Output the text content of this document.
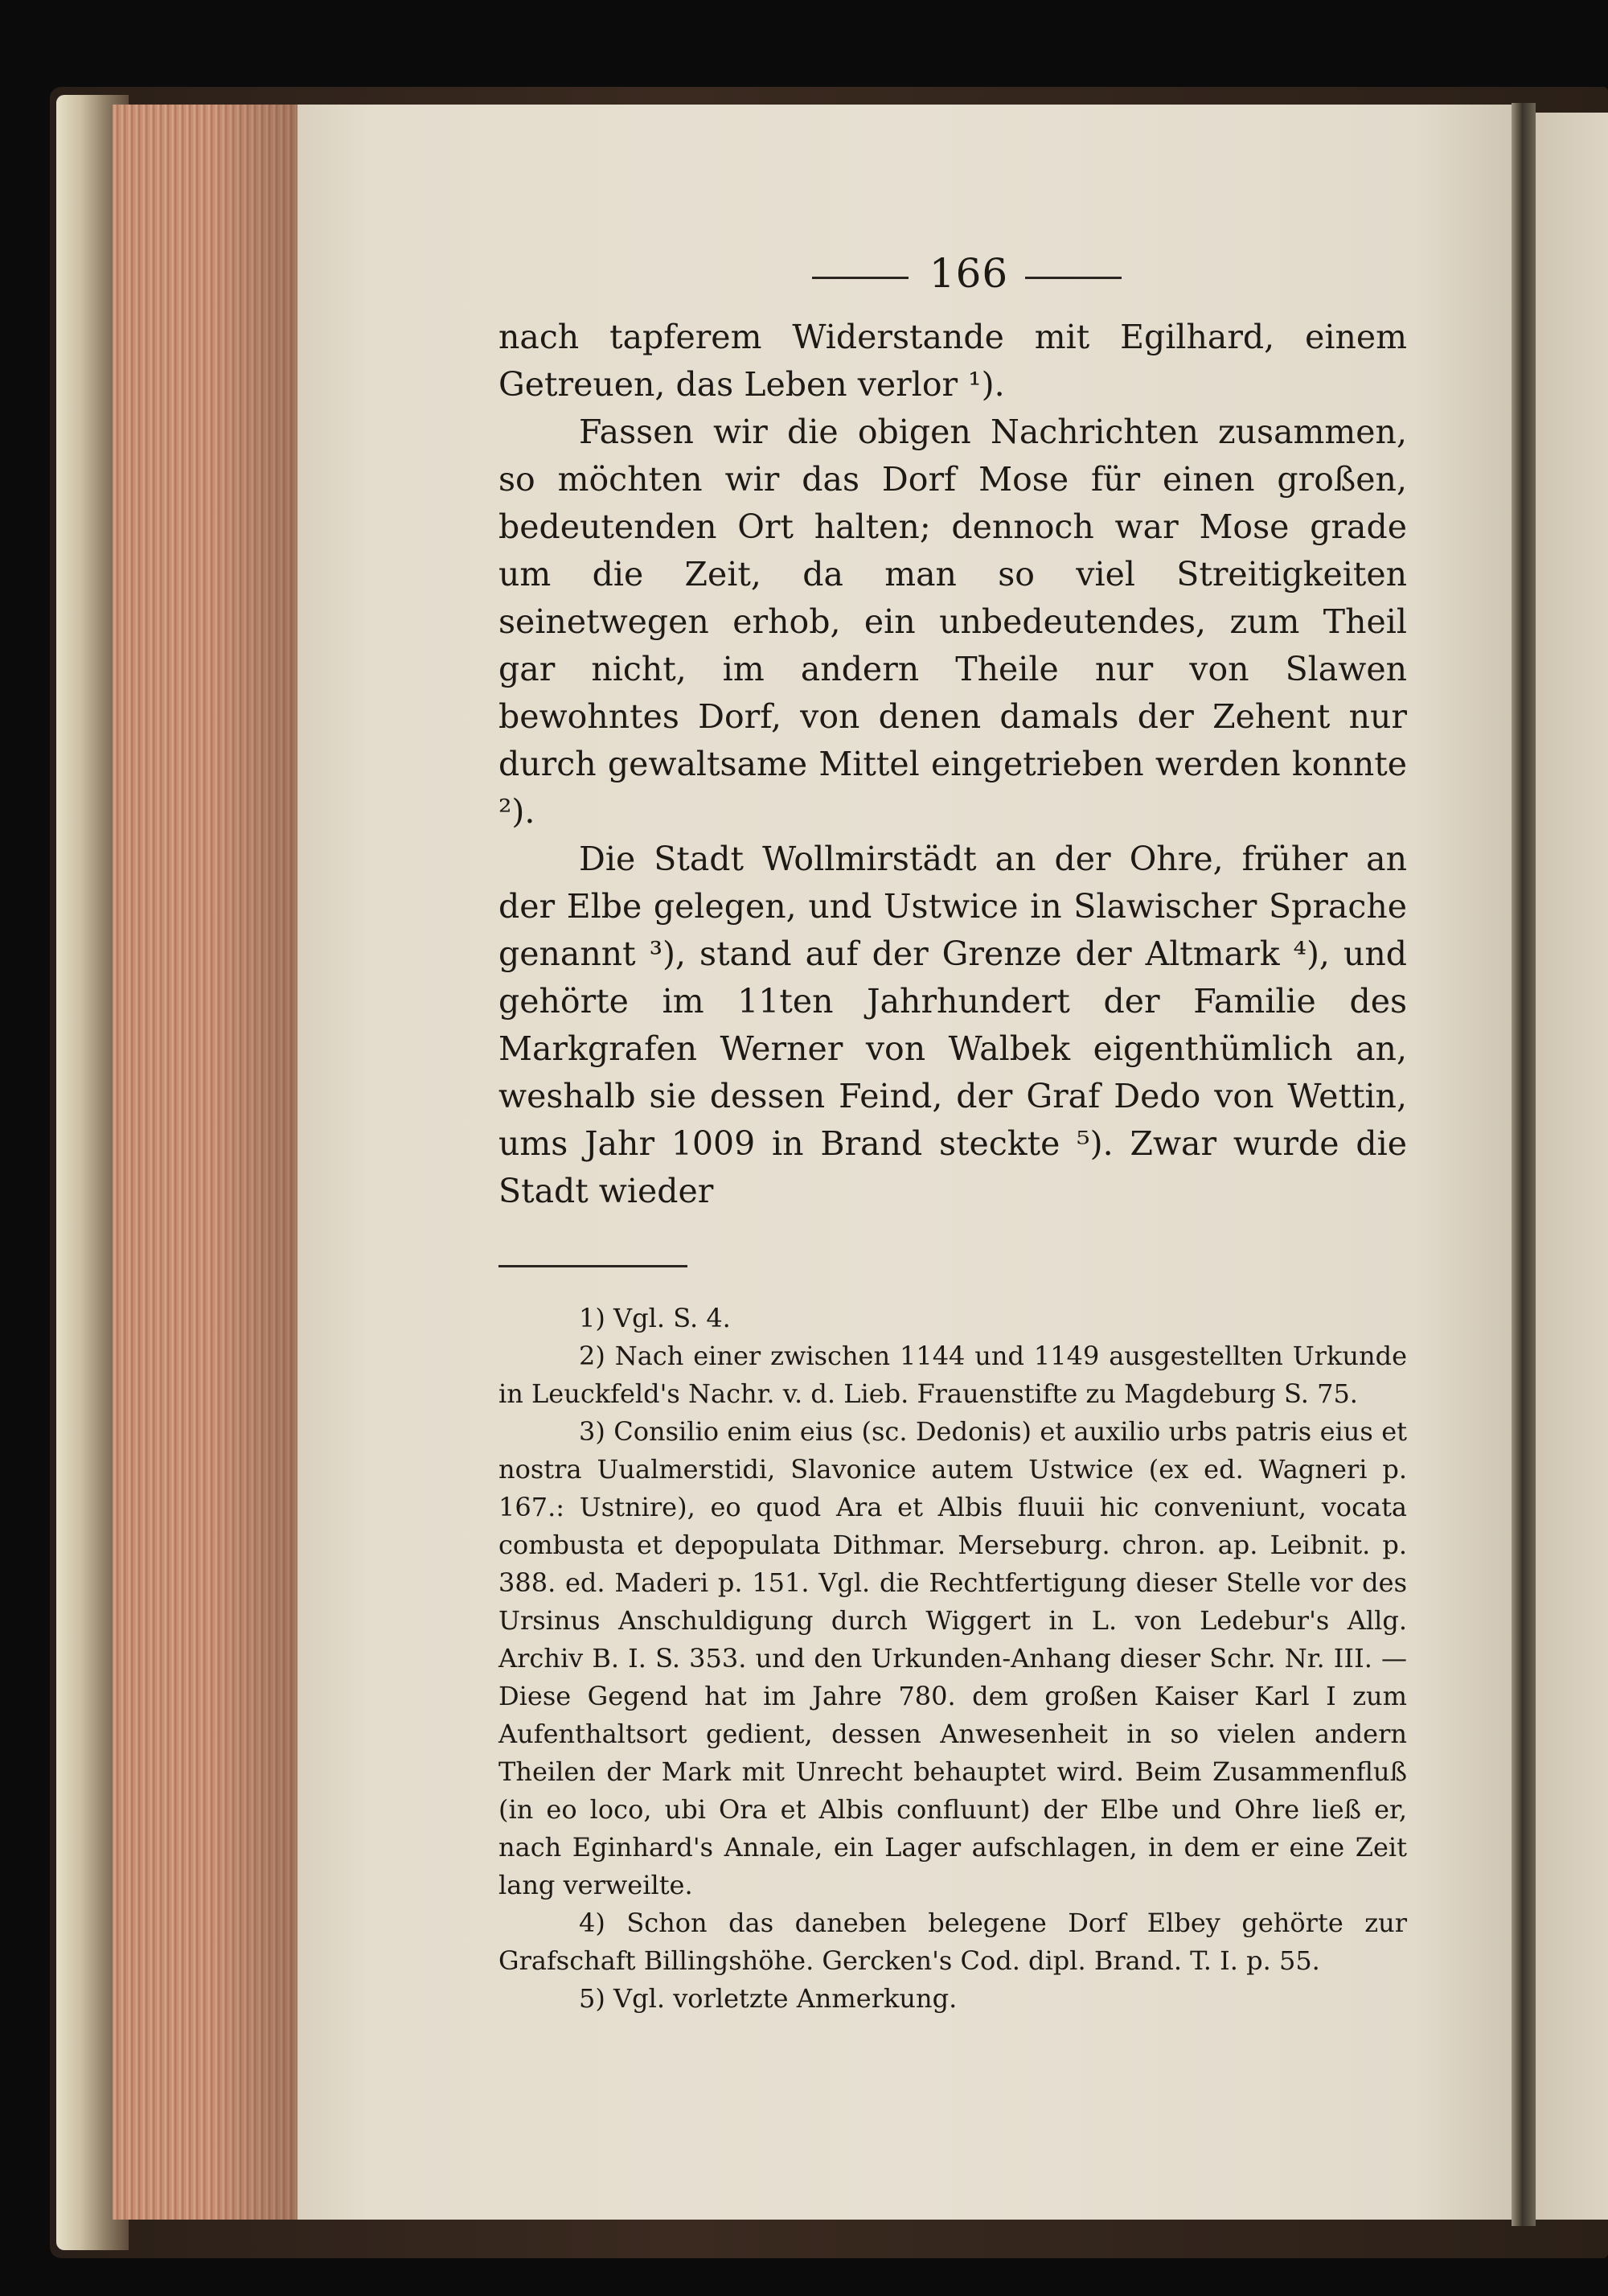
166

nach tapferem Widerstande mit Egilhard, einem Getreuen, das Leben verlor ¹).

Fassen wir die obigen Nachrichten zusammen, so möchten wir das Dorf Mose für einen großen, bedeutenden Ort halten; dennoch war Mose grade um die Zeit, da man so viel Streitigkeiten seinetwegen erhob, ein unbedeutendes, zum Theil gar nicht, im andern Theile nur von Slawen bewohntes Dorf, von denen damals der Zehent nur durch gewaltsame Mittel eingetrieben werden konnte ²).

Die Stadt Wollmirstädt an der Ohre, früher an der Elbe gelegen, und Ustwice in Slawischer Sprache genannt ³), stand auf der Grenze der Altmark ⁴), und gehörte im 11ten Jahrhundert der Familie des Markgrafen Werner von Walbek eigenthümlich an, weshalb sie dessen Feind, der Graf Dedo von Wettin, ums Jahr 1009 in Brand steckte ⁵). Zwar wurde die Stadt wieder

1) Vgl. S. 4.

2) Nach einer zwischen 1144 und 1149 ausgestellten Urkunde in Leuckfeld's Nachr. v. d. Lieb. Frauenstifte zu Magdeburg S. 75.

3) Consilio enim eius (sc. Dedonis) et auxilio urbs patris eius et nostra Uualmerstidi, Slavonice autem Ustwice (ex ed. Wagneri p. 167.: Ustnire), eo quod Ara et Albis fluuii hic conveniunt, vocata combusta et depopulata Dithmar. Merseburg. chron. ap. Leibnit. p. 388. ed. Maderi p. 151. Vgl. die Rechtfertigung dieser Stelle vor des Ursinus Anschuldigung durch Wiggert in L. von Ledebur's Allg. Archiv B. I. S. 353. und den Urkunden-Anhang dieser Schr. Nr. III. — Diese Gegend hat im Jahre 780. dem großen Kaiser Karl I zum Aufenthaltsort gedient, dessen Anwesenheit in so vielen andern Theilen der Mark mit Unrecht behauptet wird. Beim Zusammenfluß (in eo loco, ubi Ora et Albis confluunt) der Elbe und Ohre ließ er, nach Eginhard's Annale, ein Lager aufschlagen, in dem er eine Zeit lang verweilte.

4) Schon das daneben belegene Dorf Elbey gehörte zur Grafschaft Billingshöhe. Gercken's Cod. dipl. Brand. T. I. p. 55.

5) Vgl. vorletzte Anmerkung.
